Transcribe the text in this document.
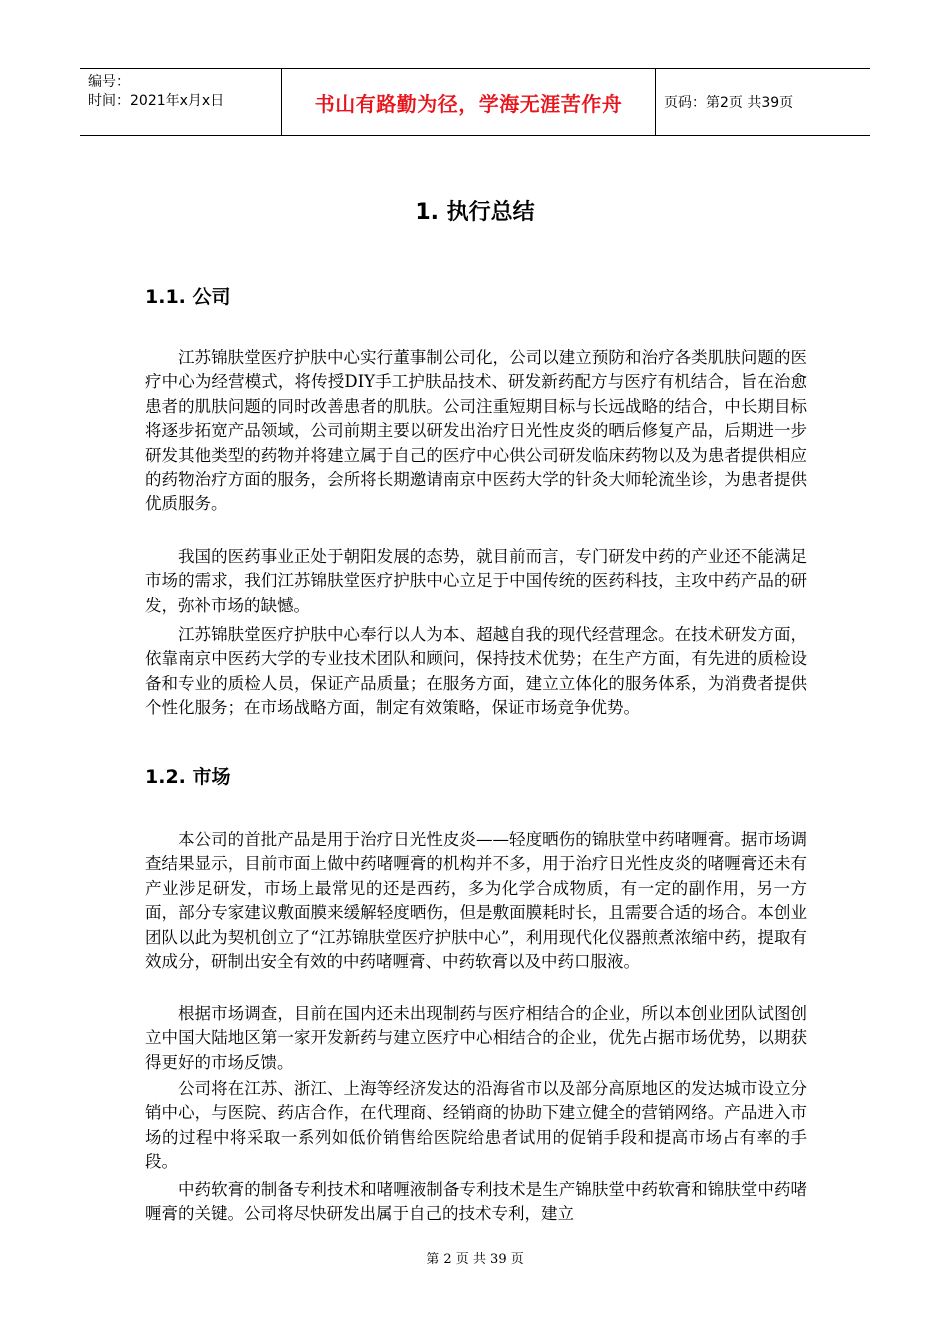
编号：
时间：2021年x月x日	书山有路勤为径，学海无涯苦作舟	页码：第2页 共39页
1. 执行总结
1.1. 公司

江苏锦肤堂医疗护肤中心实行董事制公司化，公司以建立预防和治疗各类肌肤问题的医疗中心为经营模式，将传授DIY手工护肤品技术、研发新药配方与医疗有机结合，旨在治愈患者的肌肤问题的同时改善患者的肌肤。公司注重短期目标与长远战略的结合，中长期目标将逐步拓宽产品领域，公司前期主要以研发出治疗日光性皮炎的晒后修复产品，后期进一步研发其他类型的药物并将建立属于自己的医疗中心供公司研发临床药物以及为患者提供相应的药物治疗方面的服务，会所将长期邀请南京中医药大学的针灸大师轮流坐诊，为患者提供优质服务。

我国的医药事业正处于朝阳发展的态势，就目前而言，专门研发中药的产业还不能满足市场的需求，我们江苏锦肤堂医疗护肤中心立足于中国传统的医药科技，主攻中药产品的研发，弥补市场的缺憾。

江苏锦肤堂医疗护肤中心奉行以人为本、超越自我的现代经营理念。在技术研发方面，依靠南京中医药大学的专业技术团队和顾问，保持技术优势；在生产方面，有先进的质检设备和专业的质检人员，保证产品质量；在服务方面，建立立体化的服务体系，为消费者提供个性化服务；在市场战略方面，制定有效策略，保证市场竞争优势。

1.2. 市场

本公司的首批产品是用于治疗日光性皮炎——轻度晒伤的锦肤堂中药啫喱膏。据市场调查结果显示，目前市面上做中药啫喱膏的机构并不多，用于治疗日光性皮炎的啫喱膏还未有产业涉足研发，市场上最常见的还是西药，多为化学合成物质，有一定的副作用，另一方面，部分专家建议敷面膜来缓解轻度晒伤，但是敷面膜耗时长，且需要合适的场合。本创业团队以此为契机创立了“江苏锦肤堂医疗护肤中心”，利用现代化仪器煎煮浓缩中药，提取有效成分，研制出安全有效的中药啫喱膏、中药软膏以及中药口服液。

根据市场调查，目前在国内还未出现制药与医疗相结合的企业，所以本创业团队试图创立中国大陆地区第一家开发新药与建立医疗中心相结合的企业，优先占据市场优势，以期获得更好的市场反馈。

公司将在江苏、浙江、上海等经济发达的沿海省市以及部分高原地区的发达城市设立分销中心，与医院、药店合作，在代理商、经销商的协助下建立健全的营销网络。产品进入市场的过程中将采取一系列如低价销售给医院给患者试用的促销手段和提高市场占有率的手段。

中药软膏的制备专利技术和啫喱液制备专利技术是生产锦肤堂中药软膏和锦肤堂中药啫喱膏的关键。公司将尽快研发出属于自己的技术专利，建立

第 2 页 共 39 页
